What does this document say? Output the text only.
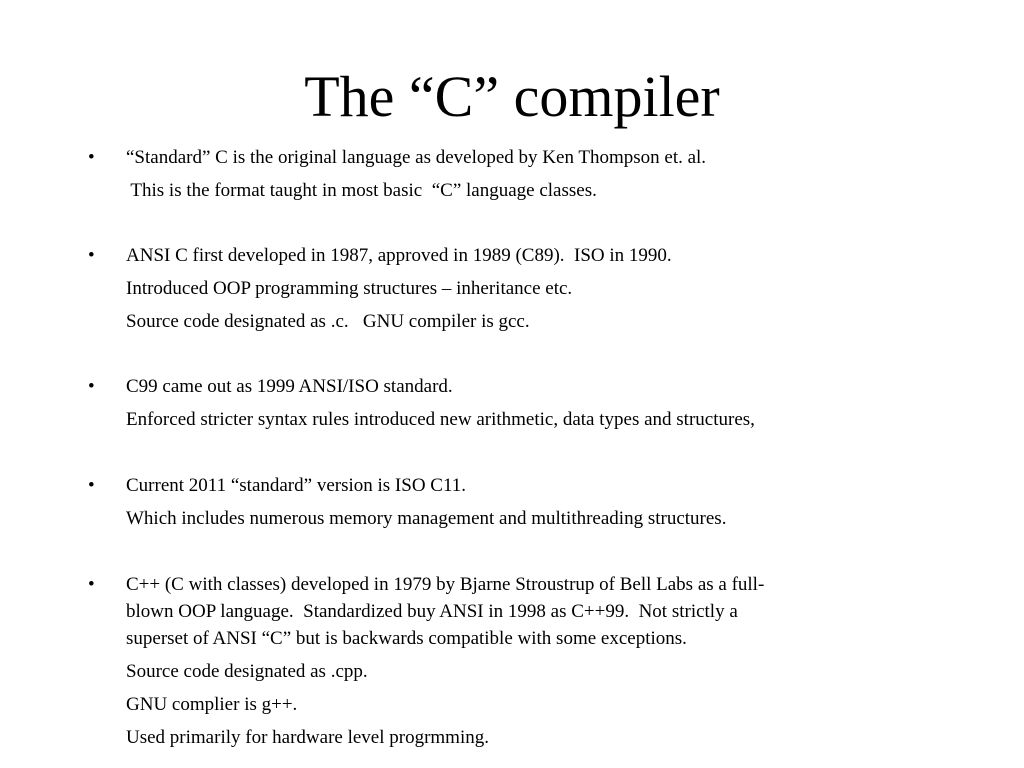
The “C” compiler
• “Standard” C is the original language as developed by Ken Thompson et. al.
This is the format taught in most basic  “C” language classes.
• ANSI C first developed in 1987, approved in 1989 (C89).  ISO in 1990.
Introduced OOP programming structures – inheritance etc.
Source code designated as .c.   GNU compiler is gcc.
• C99 came out as 1999 ANSI/ISO standard.
Enforced stricter syntax rules introduced new arithmetic, data types and structures,
• Current 2011 “standard” version is ISO C11.
Which includes numerous memory management and multithreading structures.
• C++ (C with classes) developed in 1979 by Bjarne Stroustrup of Bell Labs as a full-
blown OOP language.  Standardized buy ANSI in 1998 as C++99.  Not strictly a
superset of ANSI “C” but is backwards compatible with some exceptions.
Source code designated as .cpp.
GNU complier is g++.
Used primarily for hardware level progrmming.
